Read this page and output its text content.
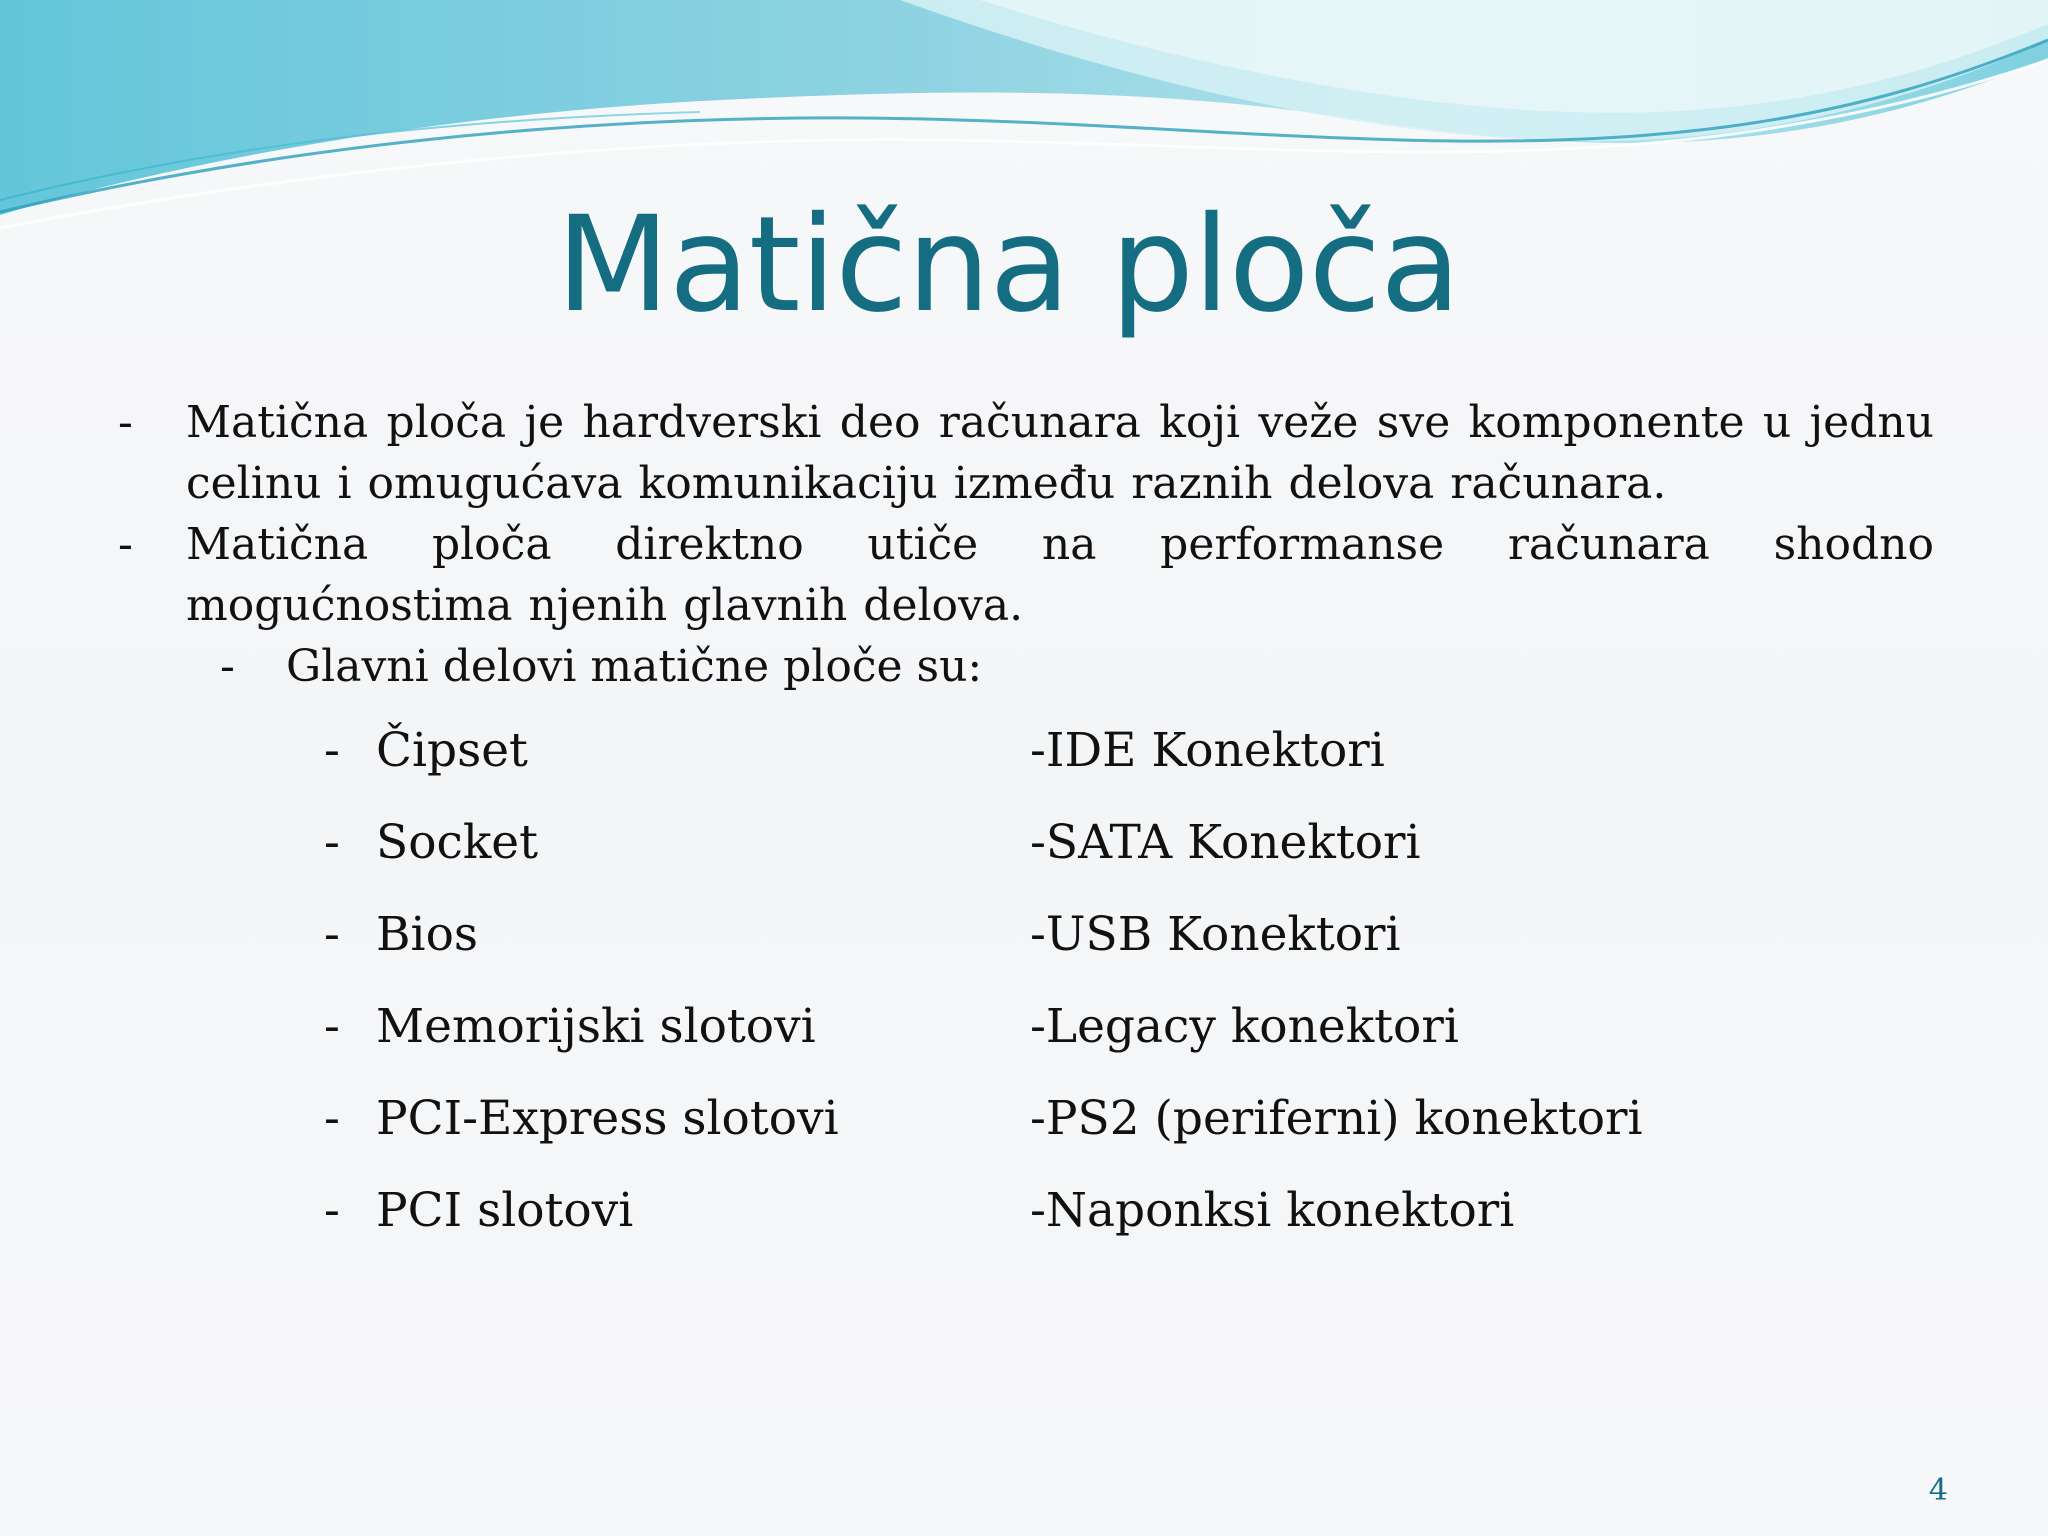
Matična ploča
- Matična ploča je hardverski deo računara koji veže sve komponente u jednu celinu i omugućava komunikaciju između raznih delova računara.
- Matična ploča direktno utiče na performanse računara shodno mogućnostima njenih glavnih delova.
- Glavni delovi matične ploče su:
- Čipset
- Socket
- Bios
- Memorijski slotovi
- PCI-Express slotovi
- PCI slotovi
-IDE Konektori
-SATA Konektori
-USB Konektori
-Legacy konektori
-PS2 (periferni) konektori
-Naponksi konektori
4
